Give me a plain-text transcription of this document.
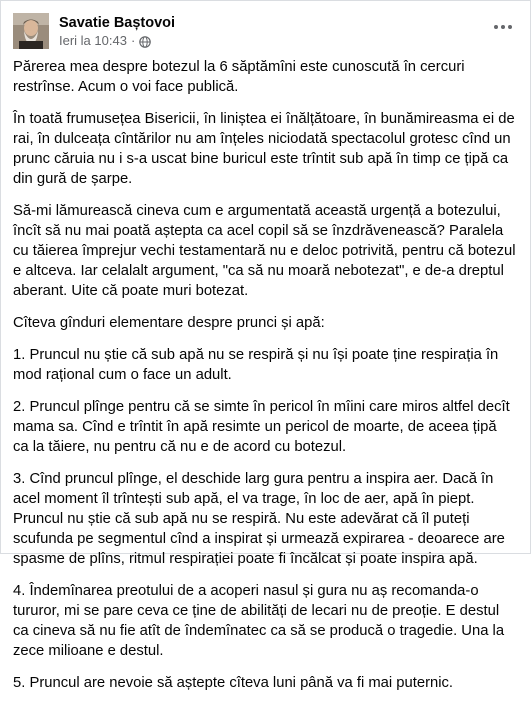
Savatie Baștovoi
Ieri la 10:43 ·

Părerea mea despre botezul la 6 săptămîni este cunoscută în cercuri restrînse. Acum o voi face publică.

În toată frumusețea Bisericii, în liniștea ei înălțătoare, în bunămireasma ei de rai, în dulceața cîntărilor nu am înțeles niciodată spectacolul grotesc cînd un prunc căruia nu i s-a uscat bine buricul este trîntit sub apă în timp ce țipă ca din gură de șarpe.

Să-mi lămurească cineva cum e argumentată această urgență a botezului, încît să nu mai poată aștepta ca acel copil să se înzdrăvenească? Paralela cu tăierea împrejur vechi testamentară nu e deloc potrivită, pentru că botezul e altceva. Iar celalalt argument, "ca să nu moară nebotezat", e de-a dreptul aberant. Uite că poate muri botezat.

Cîteva gînduri elementare despre prunci și apă:

1. Pruncul nu știe că sub apă nu se respiră și nu își poate ține respirația în mod rațional cum o face un adult.

2. Pruncul plînge pentru că se simte în pericol în mîini care miros altfel decît mama sa. Cînd e trîntit în apă resimte un pericol de moarte, de aceea țipă ca la tăiere, nu pentru că nu e de acord cu botezul.

3. Cînd pruncul plînge, el deschide larg gura pentru a inspira aer. Dacă în acel moment îl trîntești sub apă, el va trage, în loc de aer, apă în piept. Pruncul nu știe că sub apă nu se respiră. Nu este adevărat că îl puteți scufunda pe segmentul cînd a inspirat și urmează expirarea - deoarece are spasme de plîns, ritmul respirației poate fi încălcat și poate inspira apă.

4. Îndemînarea preotului de a acoperi nasul și gura nu aș recomanda-o tururor, mi se pare ceva ce ține de abilități de lecari nu de preoție. E destul ca cineva să nu fie atît de îndemînatec ca să se producă o tragedie. Una la zece milioane e destul.

5. Pruncul are nevoie să aștepte cîteva luni până va fi mai puternic.
